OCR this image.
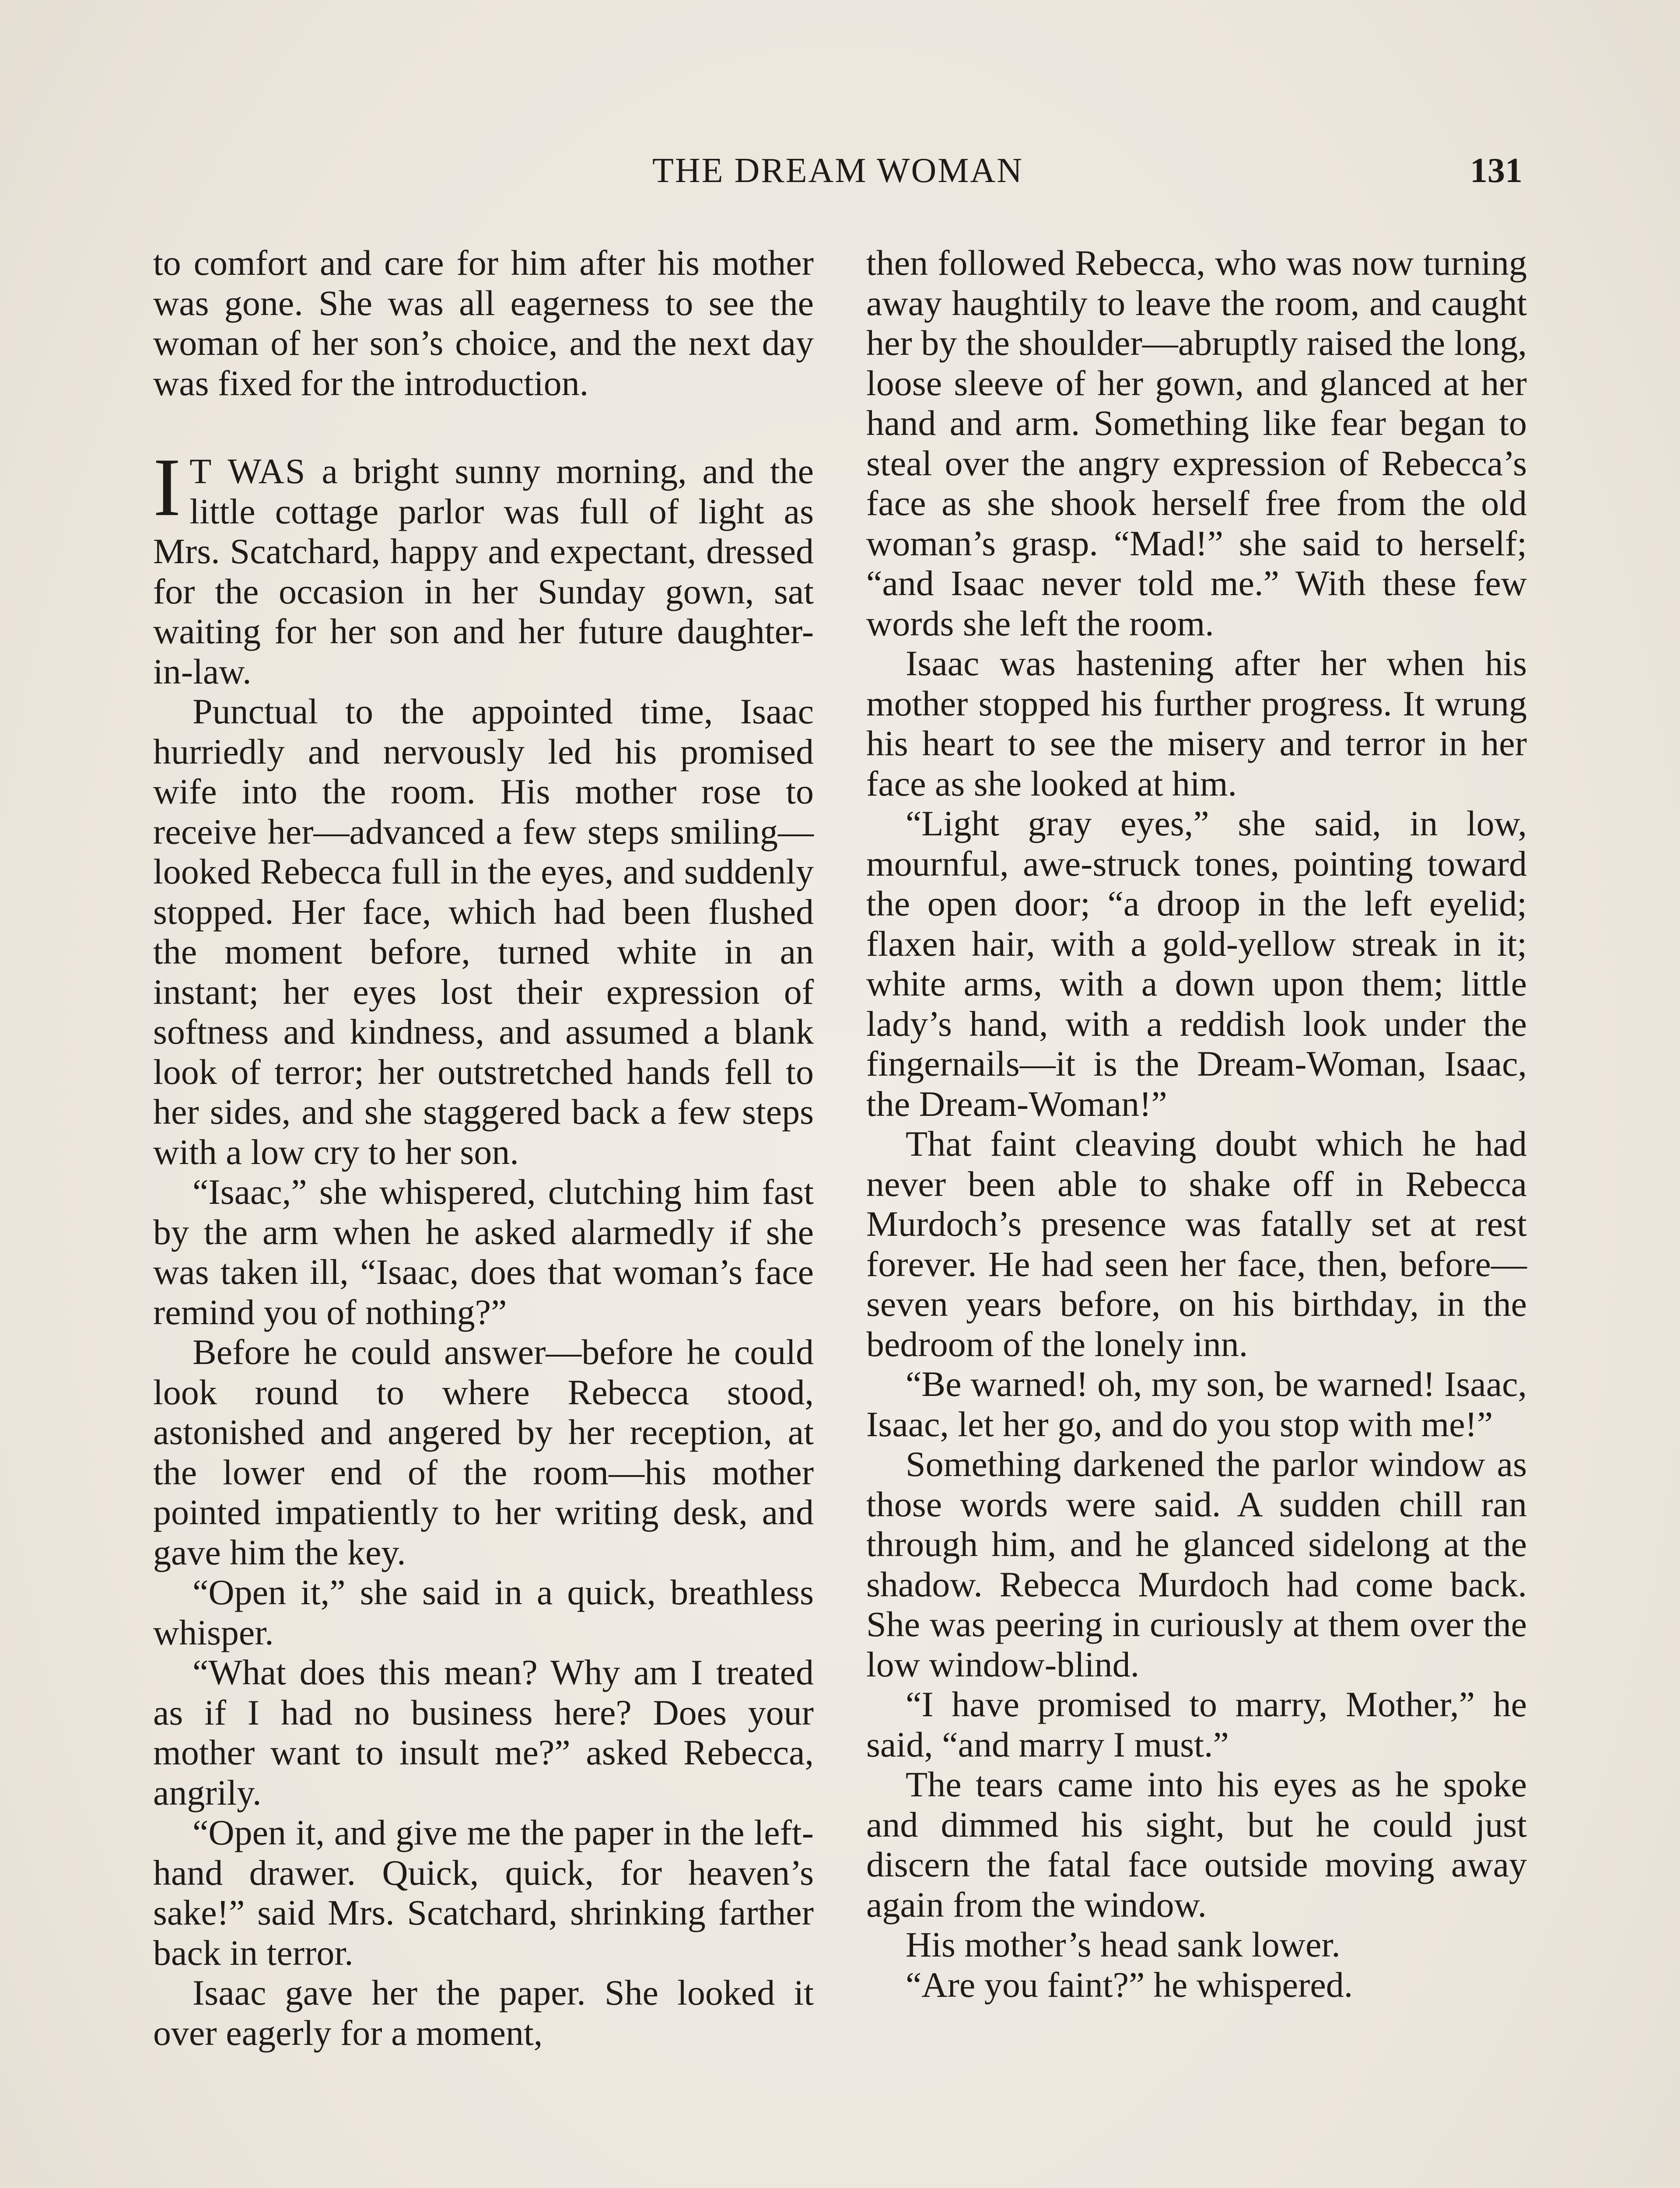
THE DREAM WOMAN	131

to comfort and care for him after his mother was gone. She was all eagerness to see the woman of her son’s choice, and the next day was fixed for the introduction.

I T WAS a bright sunny morning, and the little cottage parlor was full of light as Mrs. Scatchard, happy and expectant, dressed for the occasion in her Sunday gown, sat waiting for her son and her future daughter-in-law.

Punctual to the appointed time, Isaac hurriedly and nervously led his promised wife into the room. His mother rose to receive her—advanced a few steps smiling—looked Rebecca full in the eyes, and suddenly stopped. Her face, which had been flushed the moment before, turned white in an instant; her eyes lost their expression of softness and kindness, and assumed a blank look of terror; her outstretched hands fell to her sides, and she staggered back a few steps with a low cry to her son.

“Isaac,” she whispered, clutching him fast by the arm when he asked alarmedly if she was taken ill, “Isaac, does that woman’s face remind you of nothing?”

Before he could answer—before he could look round to where Rebecca stood, astonished and angered by her reception, at the lower end of the room—his mother pointed impatiently to her writing desk, and gave him the key.

“Open it,” she said in a quick, breathless whisper.

“What does this mean? Why am I treated as if I had no business here? Does your mother want to insult me?” asked Rebecca, angrily.

“Open it, and give me the paper in the left-hand drawer. Quick, quick, for heaven’s sake!” said Mrs. Scatchard, shrinking farther back in terror.

Isaac gave her the paper. She looked it over eagerly for a moment,

then followed Rebecca, who was now turning away haughtily to leave the room, and caught her by the shoulder—abruptly raised the long, loose sleeve of her gown, and glanced at her hand and arm. Something like fear began to steal over the angry expression of Rebecca’s face as she shook herself free from the old woman’s grasp. “Mad!” she said to herself; “and Isaac never told me.” With these few words she left the room.

Isaac was hastening after her when his mother stopped his further progress. It wrung his heart to see the misery and terror in her face as she looked at him.

“Light gray eyes,” she said, in low, mournful, awe-struck tones, pointing toward the open door; “a droop in the left eyelid; flaxen hair, with a gold-yellow streak in it; white arms, with a down upon them; little lady’s hand, with a reddish look under the fingernails—it is the Dream-Woman, Isaac, the Dream-Woman!”

That faint cleaving doubt which he had never been able to shake off in Rebecca Murdoch’s presence was fatally set at rest forever. He had seen her face, then, before—seven years before, on his birthday, in the bedroom of the lonely inn.

“Be warned! oh, my son, be warned! Isaac, Isaac, let her go, and do you stop with me!”

Something darkened the parlor window as those words were said. A sudden chill ran through him, and he glanced sidelong at the shadow. Rebecca Murdoch had come back. She was peering in curiously at them over the low window-blind.

“I have promised to marry, Mother,” he said, “and marry I must.”

The tears came into his eyes as he spoke and dimmed his sight, but he could just discern the fatal face outside moving away again from the window.

His mother’s head sank lower.

“Are you faint?” he whispered.
